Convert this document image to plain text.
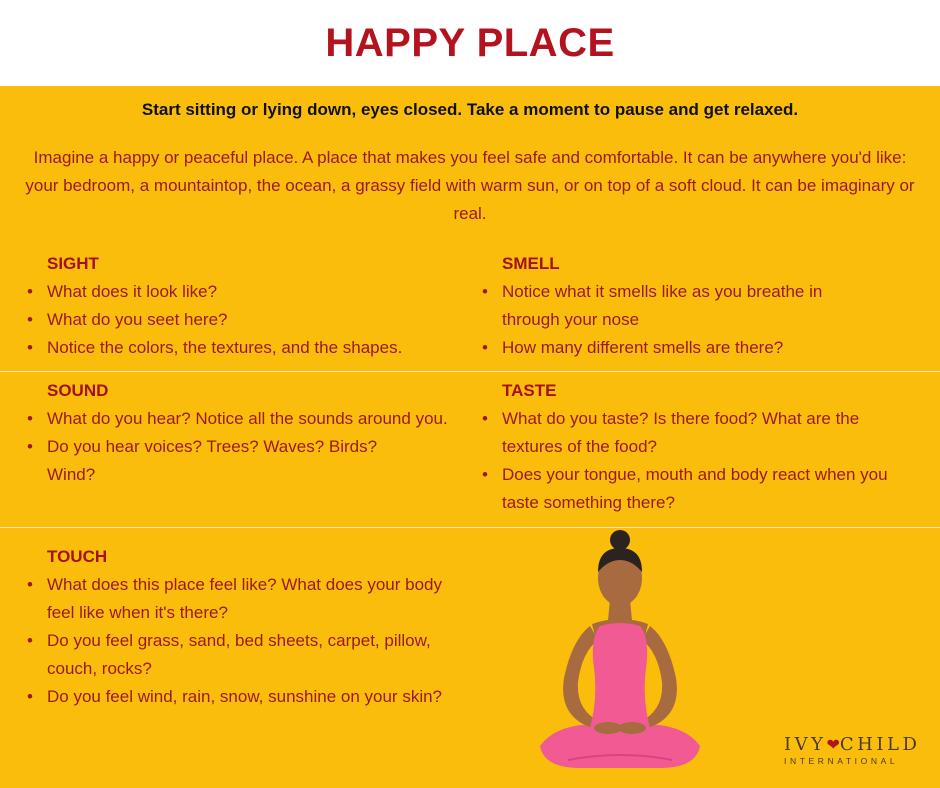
HAPPY PLACE

Start sitting or lying down, eyes closed. Take a moment to pause and get relaxed.

Imagine a happy or peaceful place. A place that makes you feel safe and comfortable. It can be anywhere you'd like: your bedroom, a mountaintop, the ocean, a grassy field with warm sun, or on top of a soft cloud. It can be imaginary or real.

SIGHT
• What does it look like?
• What do you seet here?
• Notice the colors, the textures, and the shapes.
SMELL
• Notice what it smells like as you breathe in through your nose
• How many different smells are there?
SOUND
• What do you hear? Notice all the sounds around you.
• Do you hear voices? Trees? Waves? Birds? Wind?
TASTE
• What do you taste? Is there food? What are the textures of the food?
• Does your tongue, mouth and body react when you taste something there?
TOUCH
• What does this place feel like? What does your body feel like when it's there?
• Do you feel grass, sand, bed sheets, carpet, pillow, couch, rocks?
• Do you feel wind, rain, snow, sunshine on your skin?
IVY❤CHILD
INTERNATIONAL
